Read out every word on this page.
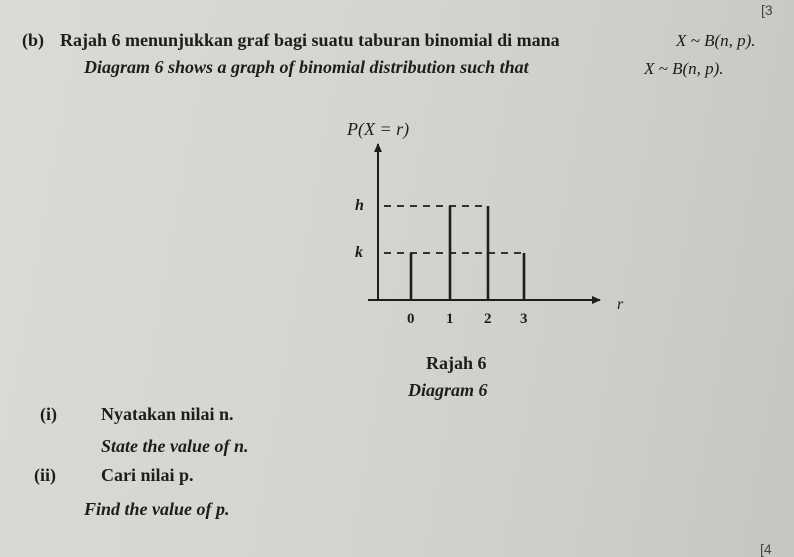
[3
[4
(b) Rajah 6 menunjukkan graf bagi suatu taburan binomial di mana	X ~ B(n, p).
Diagram 6 shows a graph of binomial distribution such that	X ~ B(n, p).
P(X = r)
r
k
h
0 1 2 3
Rajah 6
Diagram 6
(i) Nyatakan nilai n.
State the value of n.
(ii)	Cari nilai p.
Find the value of p.
